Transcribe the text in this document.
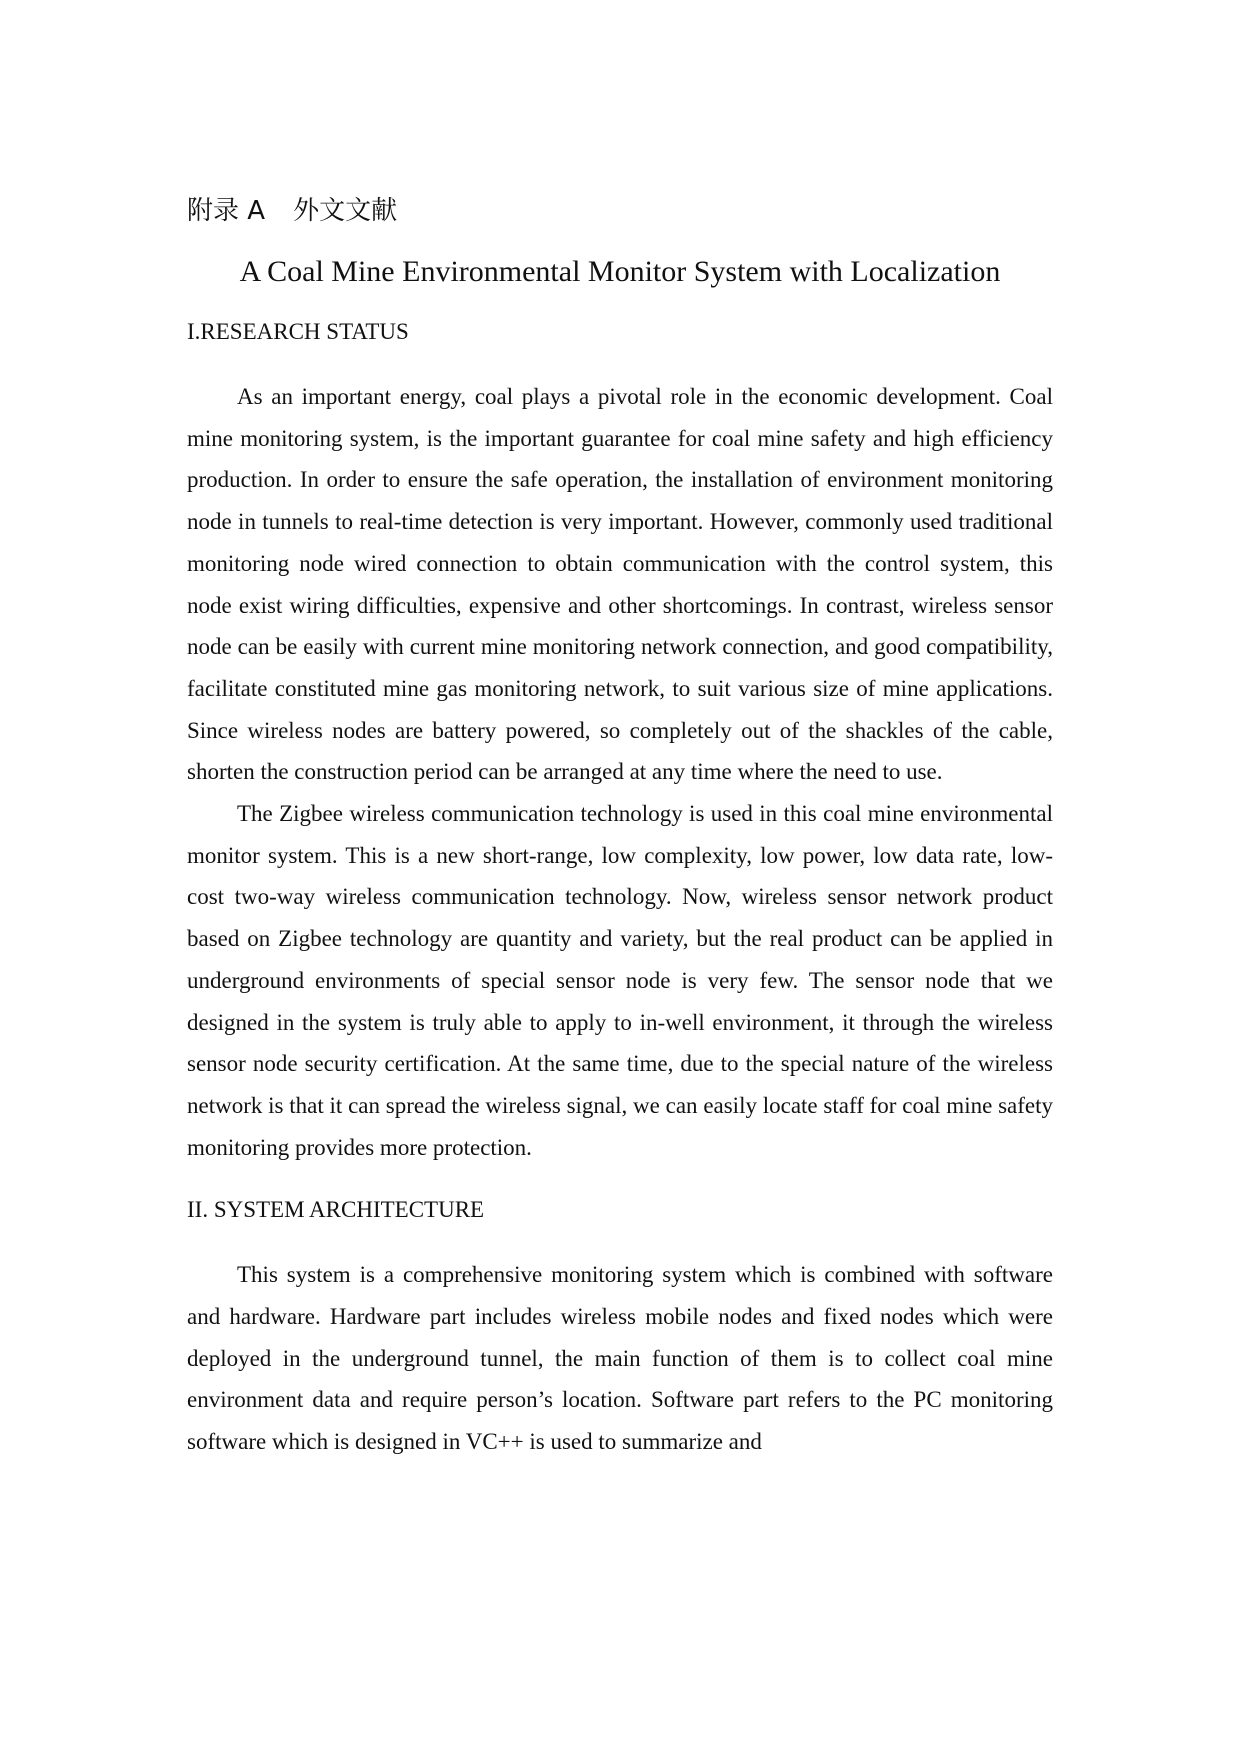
附录 A 外文文献
A Coal Mine Environmental Monitor System with Localization
I.RESEARCH STATUS

As an important energy, coal plays a pivotal role in the economic development. Coal mine monitoring system, is the important guarantee for coal mine safety and high efficiency production. In order to ensure the safe operation, the installation of environment monitoring node in tunnels to real-time detection is very important. However, commonly used traditional monitoring node wired connection to obtain communication with the control system, this node exist wiring difficulties, expensive and other shortcomings. In contrast, wireless sensor node can be easily with current mine monitoring network connection, and good compatibility, facilitate constituted mine gas monitoring network, to suit various size of mine applications. Since wireless nodes are battery powered, so completely out of the shackles of the cable, shorten the construction period can be arranged at any time where the need to use.

The Zigbee wireless communication technology is used in this coal mine environmental monitor system. This is a new short-range, low complexity, low power, low data rate, low-cost two-way wireless communication technology. Now, wireless sensor network product based on Zigbee technology are quantity and variety, but the real product can be applied in underground environments of special sensor node is very few. The sensor node that we designed in the system is truly able to apply to in-well environment, it through the wireless sensor node security certification. At the same time, due to the special nature of the wireless network is that it can spread the wireless signal, we can easily locate staff for coal mine safety monitoring provides more protection.

II. SYSTEM ARCHITECTURE

This system is a comprehensive monitoring system which is combined with software and hardware. Hardware part includes wireless mobile nodes and fixed nodes which were deployed in the underground tunnel, the main function of them is to collect coal mine environment data and require person’s location. Software part refers to the PC monitoring software which is designed in VC++ is used to summarize and
